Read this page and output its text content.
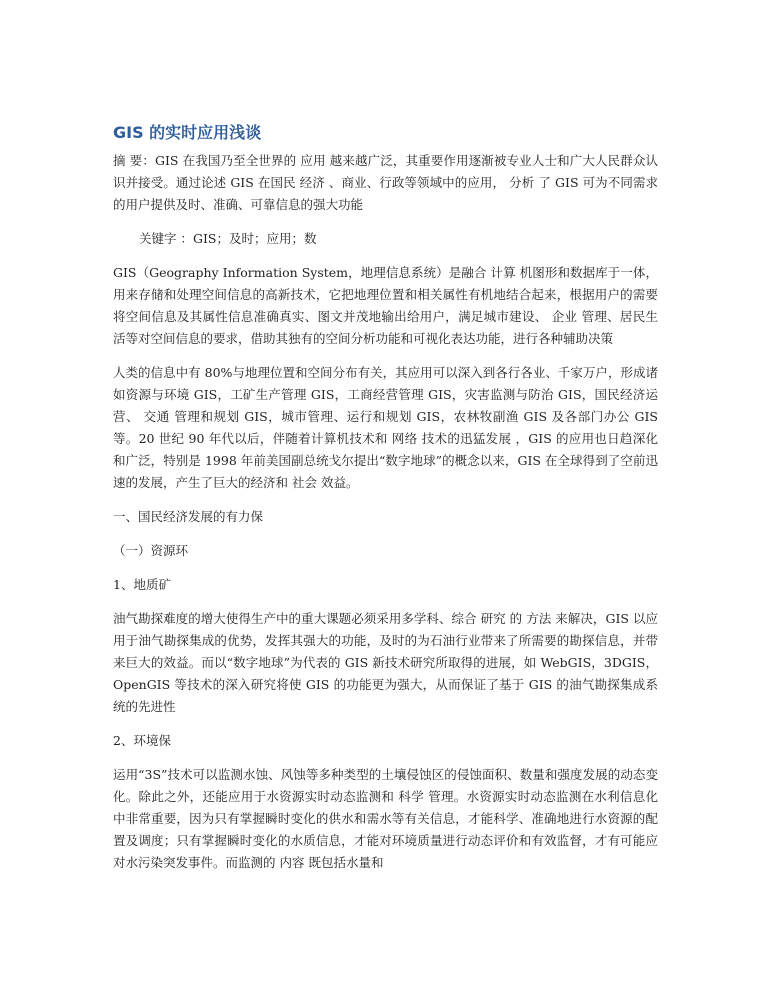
GIS 的实时应用浅谈

摘 要：GIS 在我国乃至全世界的 应用 越来越广泛，其重要作用逐渐被专业人士和广大人民群众认识并接受。通过论述 GIS 在国民 经济 、商业、行政等领域中的应用， 分析 了 GIS 可为不同需求的用户提供及时、准确、可靠信息的强大功能

关键字 ：GIS；及时；应用；数

GIS（Geography Information System，地理信息系统）是融合 计算 机图形和数据库于一体，用来存储和处理空间信息的高新技术，它把地理位置和相关属性有机地结合起来，根据用户的需要将空间信息及其属性信息准确真实、图文并茂地输出给用户，满足城市建设、 企业 管理、居民生活等对空间信息的要求，借助其独有的空间分析功能和可视化表达功能，进行各种辅助决策

人类的信息中有 80%与地理位置和空间分布有关，其应用可以深入到各行各业、千家万户，形成诸如资源与环境 GIS，工矿生产管理 GIS，工商经营管理 GIS，灾害监测与防治 GIS，国民经济运营、 交通 管理和规划 GIS，城市管理、运行和规划 GIS，农林牧副渔 GIS 及各部门办公 GIS 等。20 世纪 90 年代以后，伴随着计算机技术和 网络 技术的迅猛发展 ，GIS 的应用也日趋深化和广泛，特别是 1998 年前美国副总统戈尔提出“数字地球”的概念以来，GIS 在全球得到了空前迅速的发展，产生了巨大的经济和 社会 效益。

一、国民经济发展的有力保

（一）资源环

1、地质矿

油气勘探难度的增大使得生产中的重大课题必须采用多学科、综合 研究 的 方法 来解决，GIS 以应用于油气勘探集成的优势，发挥其强大的功能，及时的为石油行业带来了所需要的勘探信息，并带来巨大的效益。而以“数字地球”为代表的 GIS 新技术研究所取得的进展，如 WebGIS，3DGIS，OpenGIS 等技术的深入研究将使 GIS 的功能更为强大，从而保证了基于 GIS 的油气勘探集成系统的先进性

2、环境保

运用“3S”技术可以监测水蚀、风蚀等多种类型的土壤侵蚀区的侵蚀面积、数量和强度发展的动态变化。除此之外，还能应用于水资源实时动态监测和 科学 管理。水资源实时动态监测在水利信息化中非常重要，因为只有掌握瞬时变化的供水和需水等有关信息，才能科学、准确地进行水资源的配置及调度；只有掌握瞬时变化的水质信息，才能对环境质量进行动态评价和有效监督，才有可能应对水污染突发事件。而监测的 内容 既包括水量和
